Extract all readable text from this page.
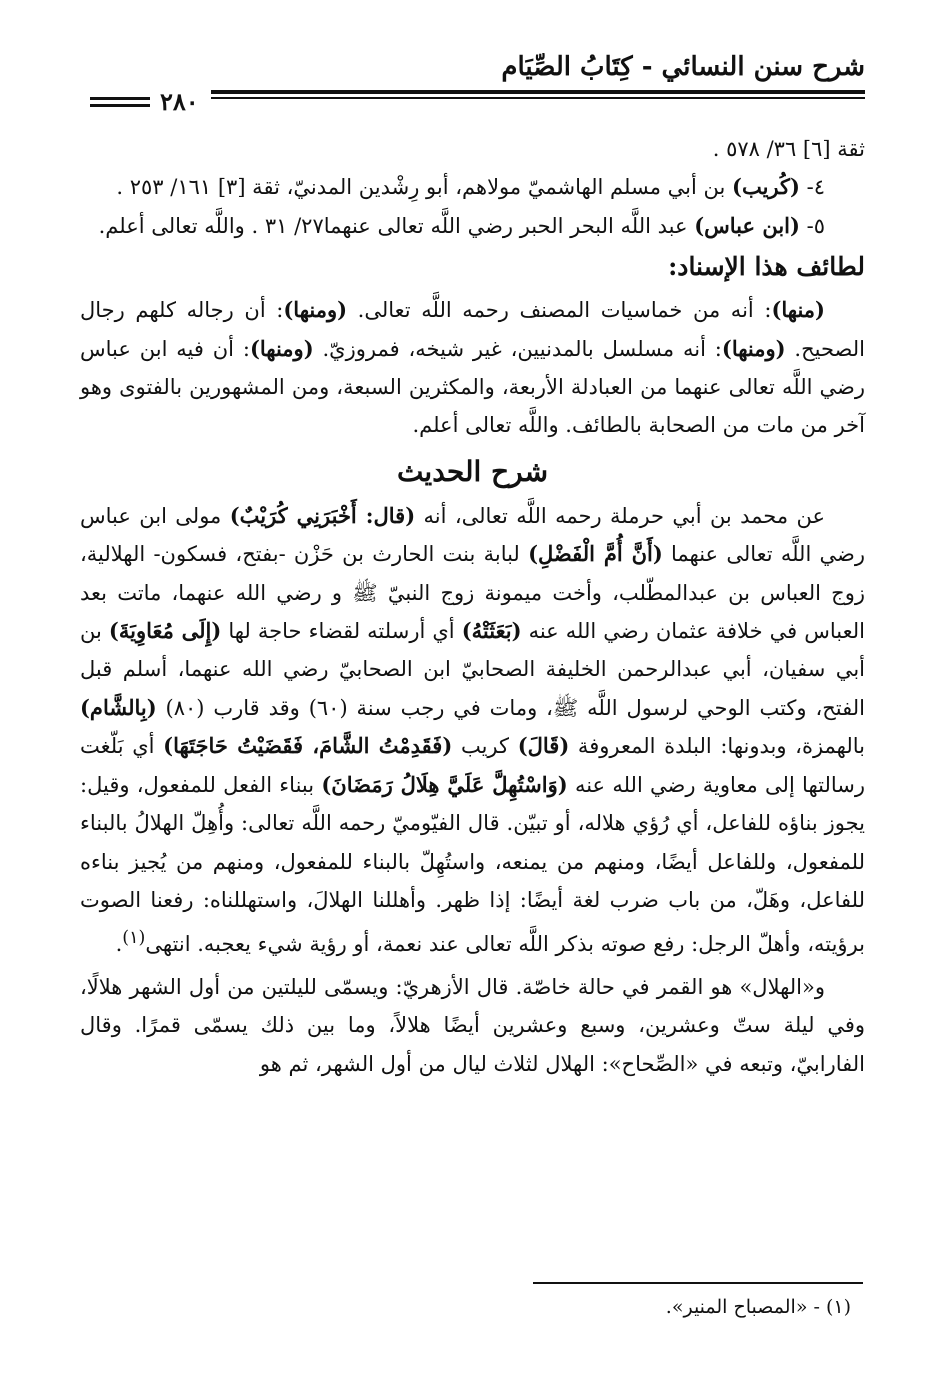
شرح سنن النسائي - كِتَابُ الصِّيَام
٢٨٠

ثقة [٦] ٣٦/ ٥٧٨ .

٤- (كُريب) بن أبي مسلم الهاشميّ مولاهم، أبو رِشْدين المدنيّ، ثقة [٣] ١٦١/ ٢٥٣ .

٥- (ابن عباس) عبد اللَّه البحر الحبر رضي اللَّه تعالى عنهما٢٧/ ٣١ . واللَّه تعالى أعلم.

لطائف هذا الإسناد:

(منها): أنه من خماسيات المصنف رحمه اللَّه تعالى. (ومنها): أن رجاله كلهم رجال الصحيح. (ومنها): أنه مسلسل بالمدنيين، غير شيخه، فمروزيّ. (ومنها): أن فيه ابن عباس رضي اللَّه تعالى عنهما من العبادلة الأربعة، والمكثرين السبعة، ومن المشهورين بالفتوى وهو آخر من مات من الصحابة بالطائف. واللَّه تعالى أعلم.

شرح الحديث

عن محمد بن أبي حرملة رحمه اللَّه تعالى، أنه (قال: أَخْبَرَنِي كُرَيْبٌ) مولى ابن عباس رضي اللَّه تعالى عنهما (أَنَّ أُمَّ الْفَضْلِ) لبابة بنت الحارث بن حَزْن -بفتح، فسكون- الهلالية، زوج العباس بن عبدالمطّلب، وأخت ميمونة زوج النبيّ ﷺ و رضي الله عنهما، ماتت بعد العباس في خلافة عثمان رضي الله عنه (بَعَثَتْهُ) أي أرسلته لقضاء حاجة لها (إِلَى مُعَاوِيَةَ) بن أبي سفيان، أبي عبدالرحمن الخليفة الصحابيّ ابن الصحابيّ رضي الله عنهما، أسلم قبل الفتح، وكتب الوحي لرسول اللَّه ﷺ، ومات في رجب سنة (٦٠) وقد قارب (٨٠) (بِالشَّام) بالهمزة، وبدونها: البلدة المعروفة (قَالَ) كريب (فَقَدِمْتُ الشَّامَ، فَقَضَيْتُ حَاجَتَهَا) أي بَلّغت رسالتها إلى معاوية رضي الله عنه (وَاسْتُهِلَّ عَلَيَّ هِلَالُ رَمَضَانَ) ببناء الفعل للمفعول، وقيل: يجوز بناؤه للفاعل، أي رُؤي هلاله، أو تبيّن. قال الفيّوميّ رحمه اللَّه تعالى: وأُهِلّ الهلالُ بالبناء للمفعول، وللفاعل أيضًا، ومنهم من يمنعه، واستُهِلّ بالبناء للمفعول، ومنهم من يُجيز بناءه للفاعل، وهَلّ، من باب ضرب لغة أيضًا: إذا ظهر. وأهللنا الهلالَ، واستهللناه: رفعنا الصوت برؤيته، وأهلّ الرجل: رفع صوته بذكر اللَّه تعالى عند نعمة، أو رؤية شيء يعجبه. انتهى$^{(١)}$.

و«الهلال» هو القمر في حالة خاصّة. قال الأزهريّ: ويسمّى لليلتين من أول الشهر هلالًا، وفي ليلة ستّ وعشرين، وسبع وعشرين أيضًا هلالاً، وما بين ذلك يسمّى قمرًا. وقال الفارابيّ، وتبعه في «الصِّحاح»: الهلال لثلاث ليال من أول الشهر، ثم هو

(١) - «المصباح المنير».
